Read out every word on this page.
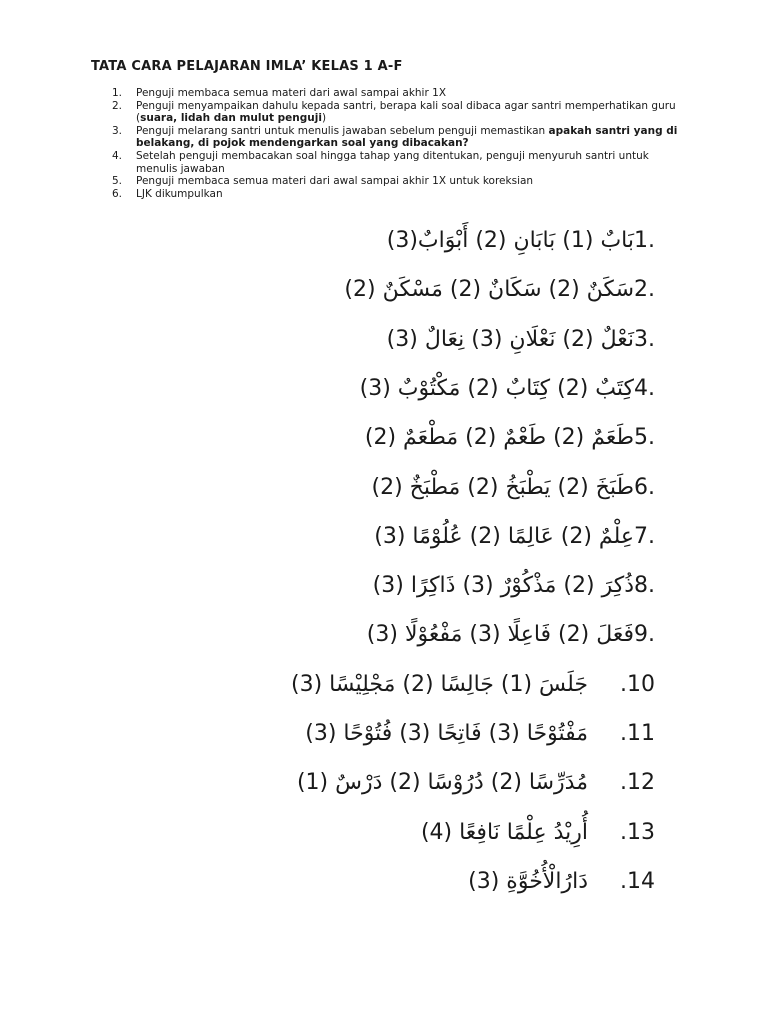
TATA CARA PELAJARAN IMLA’ KELAS 1 A-F
1. Penguji membaca semua materi dari awal sampai akhir 1X
2. Penguji menyampaikan dahulu kepada santri, berapa kali soal dibaca agar santri memperhatikan guru (suara, lidah dan mulut penguji)
3. Penguji melarang santri untuk menulis jawaban sebelum penguji memastikan apakah santri yang di belakang, di pojok mendengarkan soal yang dibacakan?
4. Setelah penguji membacakan soal hingga tahap yang ditentukan, penguji menyuruh santri untuk menulis jawaban
5. Penguji membaca semua materi dari awal sampai akhir 1X untuk koreksian
6. LJK dikumpulkan
1.بَابٌ (1) بَابَانِ (2) أَبْوَابٌ(3)
2.سَكَنٌ (2) سَكَانٌ (2) مَسْكَنٌ (2)
3.نَعْلٌ (2) نَعْلَانِ (3) نِعَالٌ (3)
4.كِتَبٌ (2) كِتَابٌ (2) مَكْتُوْبٌ (3)
5.طَعَمٌ (2) طَعْمٌ (2) مَطْعَمٌ (2)
6.طَبَخَ (2) يَطْبَخُ (2) مَطْبَخٌ (2)
7.عِلْمٌ (2) عَالِمًا (2) عُلُوْمًا (3)
8.ذُكِرَ (2) مَذْكُوْرٌ (3) ذَاكِرًا (3)
9.فَعَلَ (2) فَاعِلًا (3) مَفْعُوْلًا (3)
.10جَلَسَ (1) جَالِسًا (2) مَجْلِيْسًا (3)
.11مَفْتُوْحًا (3) فَاتِحًا (3) فُتُوْحًا (3)
.12مُدَرِّسًا (2) دُرُوْسًا (2) دَرْسٌ (1)
.13أُرِيْدُ عِلْمًا نَافِعًا (4)
.14دَارُالْأُخُوَّةِ (3)
